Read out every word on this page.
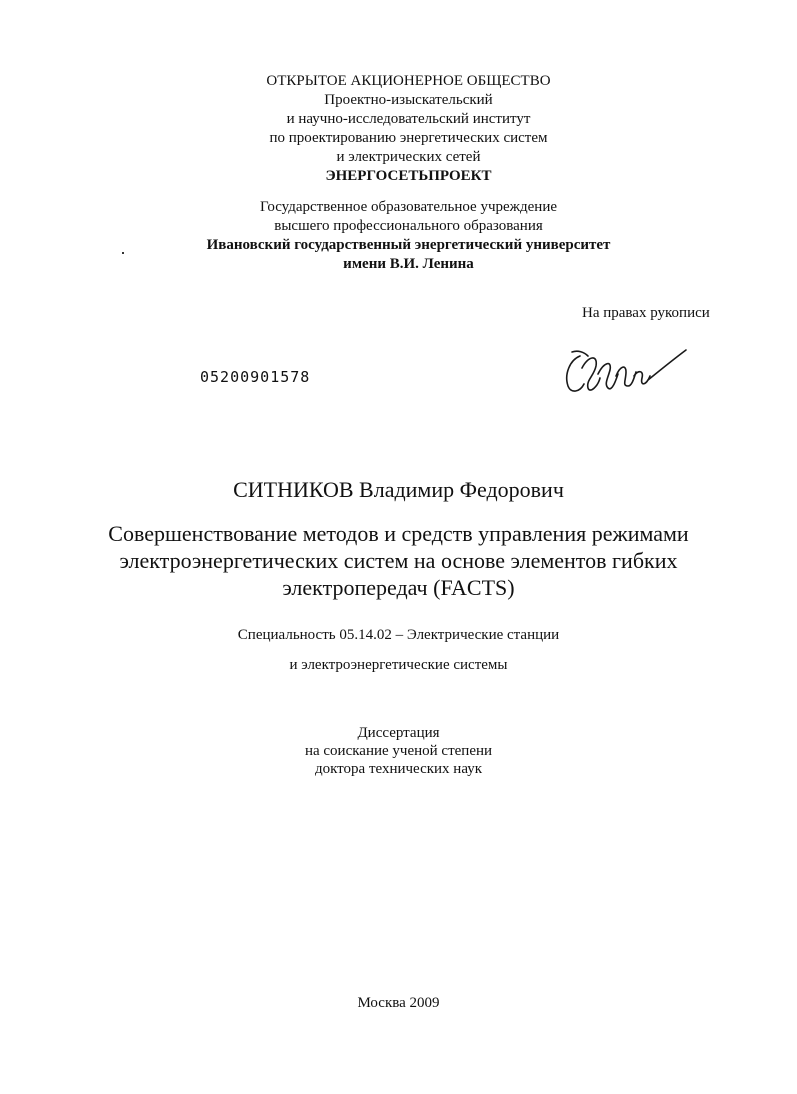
ОТКРЫТОЕ АКЦИОНЕРНОЕ ОБЩЕСТВО
Проектно-изыскательский
и научно-исследовательский институт
по проектированию энергетических систем
и электрических сетей
ЭНЕРГОСЕТЬПРОЕКТ
Государственное образовательное учреждение
высшего профессионального образования
Ивановский государственный энергетический университет
имени В.И. Ленина
На правах рукописи
05200901578
СИТНИКОВ Владимир Федорович
Совершенствование методов и средств управления режимами
электроэнергетических систем на основе элементов гибких
электропередач (FACTS)
Специальность 05.14.02 – Электрические станции
и электроэнергетические системы
Диссертация
на соискание ученой степени
доктора технических наук
Москва 2009
